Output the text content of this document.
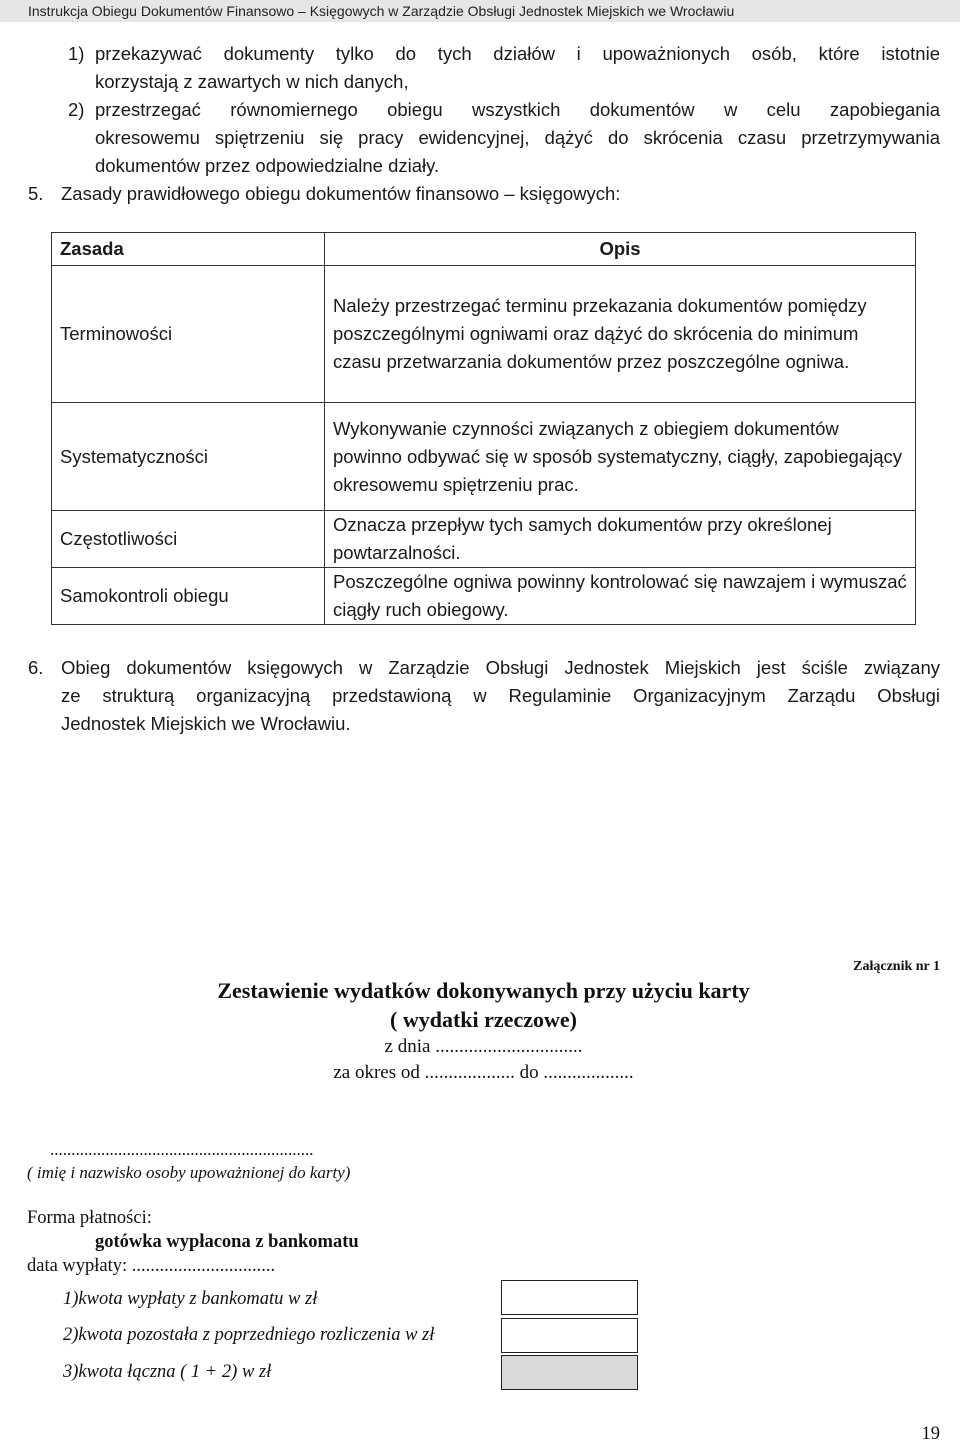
Instrukcja Obiegu Dokumentów Finansowo – Księgowych w Zarządzie Obsługi Jednostek Miejskich we Wrocławiu
1) przekazywać dokumenty tylko do tych działów i upoważnionych osób, które istotnie
korzystają z zawartych w nich danych,
2) przestrzegać równomiernego obiegu wszystkich dokumentów w celu zapobiegania
okresowemu spiętrzeniu się pracy ewidencyjnej, dążyć do skrócenia czasu przetrzymywania
dokumentów przez odpowiedzialne działy.
5. Zasady prawidłowego obiegu dokumentów finansowo – księgowych:
Zasada	Opis
Terminowości	Należy przestrzegać terminu przekazania dokumentów pomiędzy poszczególnymi ogniwami oraz dążyć do skrócenia do minimum czasu przetwarzania dokumentów przez poszczególne ogniwa.
Systematyczności	Wykonywanie czynności związanych z obiegiem dokumentów powinno odbywać się w sposób systematyczny, ciągły, zapobiegający okresowemu spiętrzeniu prac.
Częstotliwości	Oznacza przepływ tych samych dokumentów przy określonej powtarzalności.
Samokontroli obiegu	Poszczególne ogniwa powinny kontrolować się nawzajem i wymuszać ciągły ruch obiegowy.
6. Obieg dokumentów księgowych w Zarządzie Obsługi Jednostek Miejskich jest ściśle związany
ze strukturą organizacyjną przedstawioną w Regulaminie Organizacyjnym Zarządu Obsługi
Jednostek Miejskich we Wrocławiu.
Załącznik nr 1
Zestawienie wydatków dokonywanych przy użyciu karty
( wydatki rzeczowe)
z dnia ...............................
za okres od ................... do ...................
..............................................................
( imię i nazwisko osoby upoważnionej do karty)
Forma płatności:
gotówka wypłacona z bankomatu
data wypłaty: ...............................
1)kwota wypłaty z bankomatu w zł
2)kwota pozostała z poprzedniego rozliczenia w zł
3)kwota łączna ( 1 + 2) w zł
19
